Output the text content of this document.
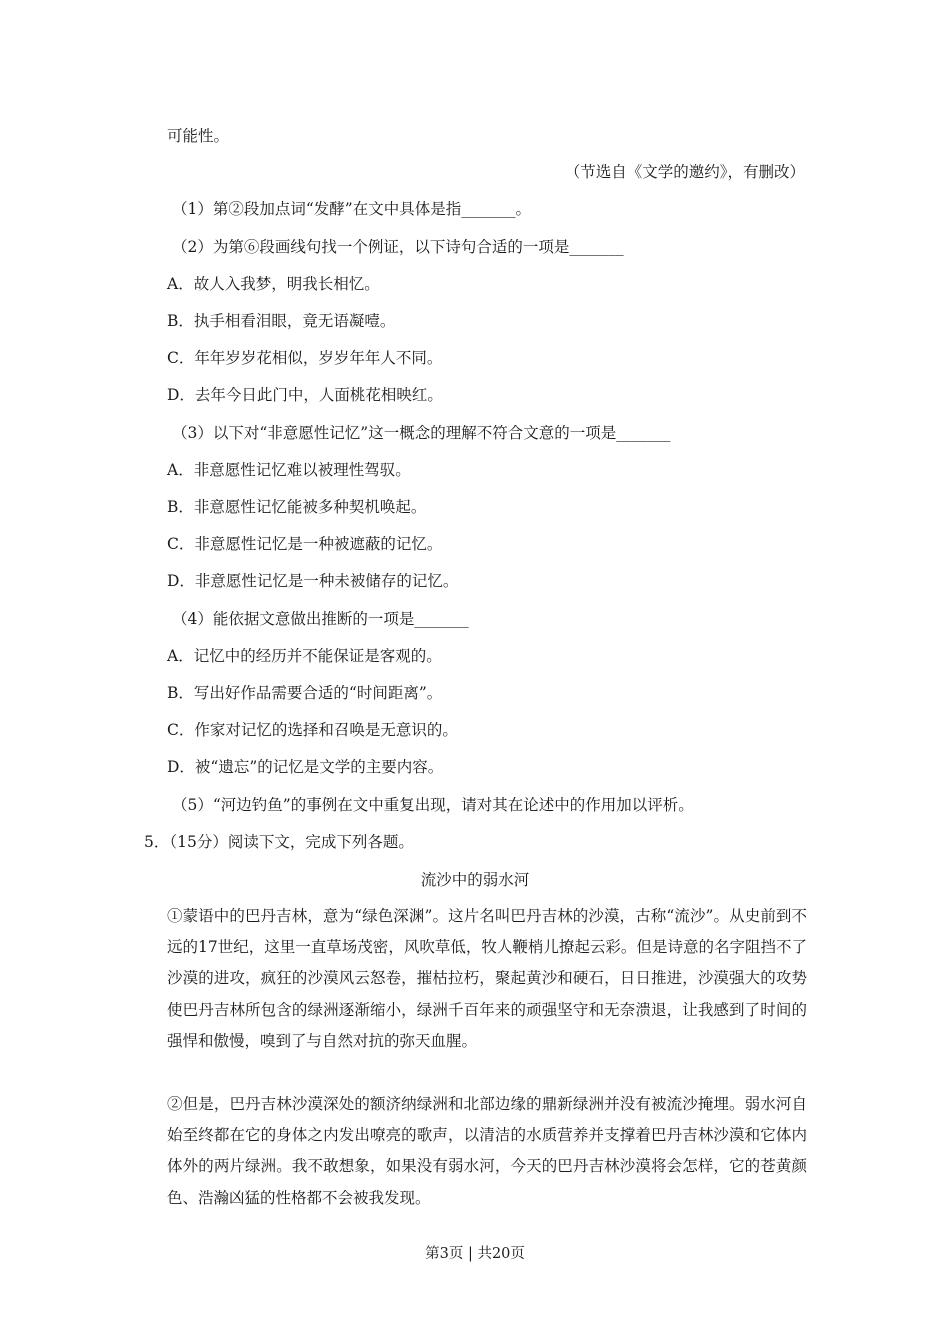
可能性。
（节选自《文学的邀约》，有删改）
（1）第②段加点词“发酵”在文中具体是指_______。
（2）为第⑥段画线句找一个例证，以下诗句合适的一项是_______
A．故人入我梦，明我长相忆。
B．执手相看泪眼，竟无语凝噎。
C．年年岁岁花相似，岁岁年年人不同。
D．去年今日此门中，人面桃花相映红。
（3）以下对“非意愿性记忆”这一概念的理解不符合文意的一项是_______
A．非意愿性记忆难以被理性驾驭。
B．非意愿性记忆能被多种契机唤起。
C．非意愿性记忆是一种被遮蔽的记忆。
D．非意愿性记忆是一种未被储存的记忆。
（4）能依据文意做出推断的一项是_______
A．记忆中的经历并不能保证是客观的。
B．写出好作品需要合适的“时间距离”。
C．作家对记忆的选择和召唤是无意识的。
D．被“遗忘”的记忆是文学的主要内容。
（5）“河边钓鱼”的事例在文中重复出现，请对其在论述中的作用加以评析。
5．（15分）阅读下文，完成下列各题。
流沙中的弱水河
①蒙语中的巴丹吉林，意为“绿色深渊”。这片名叫巴丹吉林的沙漠，古称“流沙”。从史前到不远的17世纪，这里一直草场茂密，风吹草低，牧人鞭梢儿撩起云彩。但是诗意的名字阻挡不了沙漠的进攻，疯狂的沙漠风云怒卷，摧枯拉朽，聚起黄沙和硬石，日日推进，沙漠强大的攻势使巴丹吉林所包含的绿洲逐渐缩小，绿洲千百年来的顽强坚守和无奈溃退，让我感到了时间的强悍和傲慢，嗅到了与自然对抗的弥天血腥。
②但是，巴丹吉林沙漠深处的额济纳绿洲和北部边缘的鼎新绿洲并没有被流沙掩埋。弱水河自始至终都在它的身体之内发出嘹亮的歌声，以清洁的水质营养并支撑着巴丹吉林沙漠和它体内体外的两片绿洲。我不敢想象，如果没有弱水河，今天的巴丹吉林沙漠将会怎样，它的苍黄颜色、浩瀚凶猛的性格都不会被我发现。
第3页 | 共20页
